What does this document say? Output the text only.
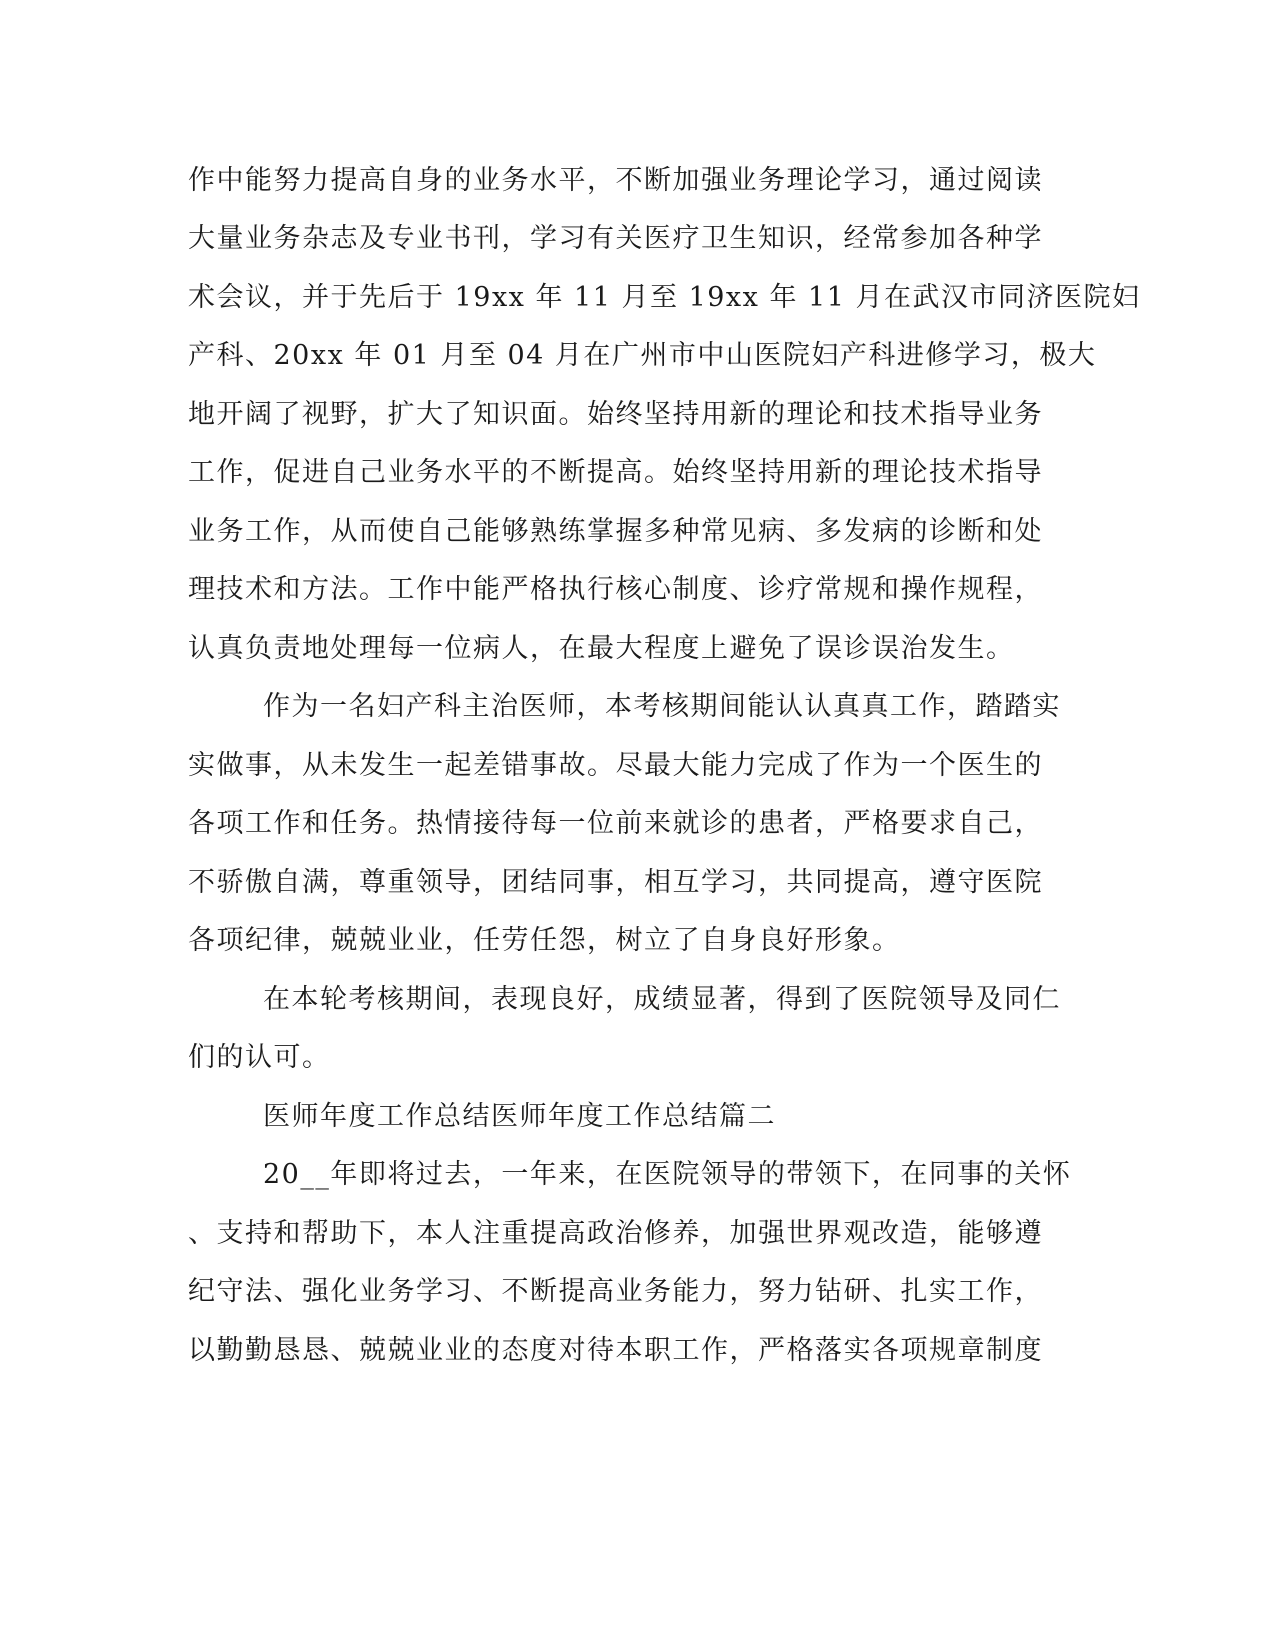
作中能努力提高自身的业务水平，不断加强业务理论学习，通过阅读
大量业务杂志及专业书刊，学习有关医疗卫生知识，经常参加各种学
术会议，并于先后于 19xx 年 11 月至 19xx 年 11 月在武汉市同济医院妇
产科、20xx 年 01 月至 04 月在广州市中山医院妇产科进修学习，极大
地开阔了视野，扩大了知识面。始终坚持用新的理论和技术指导业务
工作，促进自己业务水平的不断提高。始终坚持用新的理论技术指导
业务工作，从而使自己能够熟练掌握多种常见病、多发病的诊断和处
理技术和方法。工作中能严格执行核心制度、诊疗常规和操作规程，
认真负责地处理每一位病人，在最大程度上避免了误诊误治发生。
作为一名妇产科主治医师，本考核期间能认认真真工作，踏踏实
实做事，从未发生一起差错事故。尽最大能力完成了作为一个医生的
各项工作和任务。热情接待每一位前来就诊的患者，严格要求自己，
不骄傲自满，尊重领导，团结同事，相互学习，共同提高，遵守医院
各项纪律，兢兢业业，任劳任怨，树立了自身良好形象。
在本轮考核期间，表现良好，成绩显著，得到了医院领导及同仁
们的认可。
医师年度工作总结医师年度工作总结篇二
20__年即将过去，一年来，在医院领导的带领下，在同事的关怀
、支持和帮助下，本人注重提高政治修养，加强世界观改造，能够遵
纪守法、强化业务学习、不断提高业务能力，努力钻研、扎实工作，
以勤勤恳恳、兢兢业业的态度对待本职工作，严格落实各项规章制度
